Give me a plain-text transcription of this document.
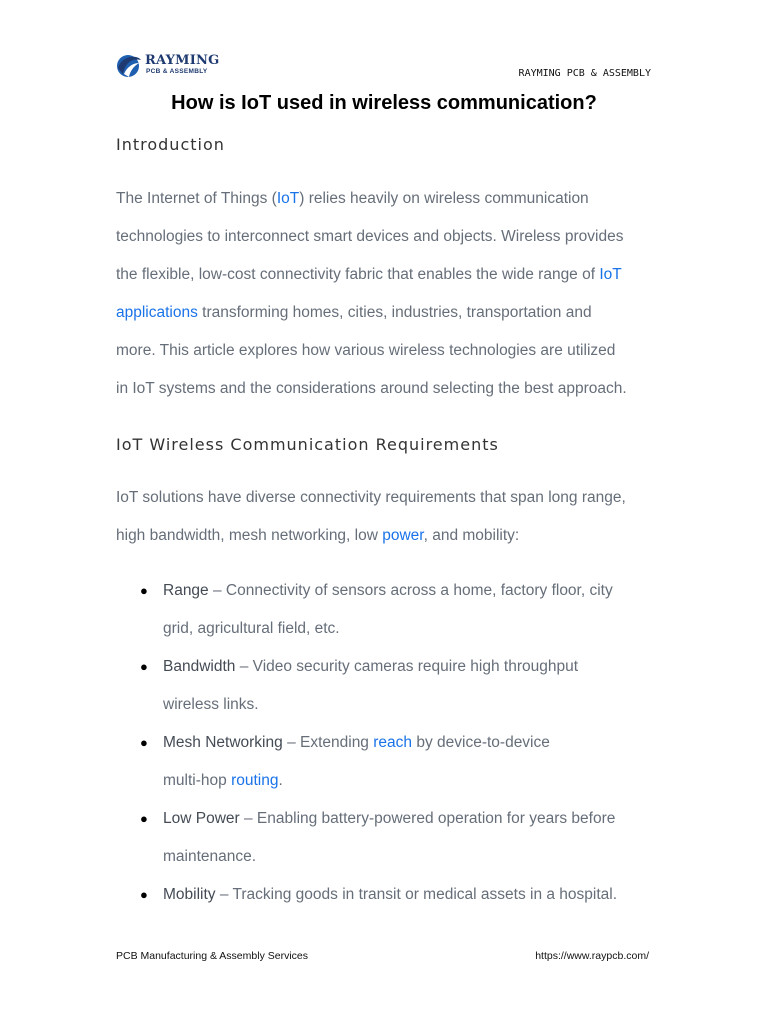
RAYMING
PCB & ASSEMBLY	RAYMING PCB & ASSEMBLY
How is IoT used in wireless communication?
Introduction
The Internet of Things (IoT) relies heavily on wireless communication
technologies to interconnect smart devices and objects. Wireless provides
the flexible, low-cost connectivity fabric that enables the wide range of IoT
applications transforming homes, cities, industries, transportation and
more. This article explores how various wireless technologies are utilized
in IoT systems and the considerations around selecting the best approach.
IoT Wireless Communication Requirements
IoT solutions have diverse connectivity requirements that span long range,
high bandwidth, mesh networking, low power, and mobility:
● Range – Connectivity of sensors across a home, factory floor, city
grid, agricultural field, etc.
● Bandwidth – Video security cameras require high throughput
wireless links.
● Mesh Networking – Extending reach by device-to-device
multi-hop routing.
● Low Power – Enabling battery-powered operation for years before
maintenance.
● Mobility – Tracking goods in transit or medical assets in a hospital.
PCB Manufacturing & Assembly Services	https://www.raypcb.com/
